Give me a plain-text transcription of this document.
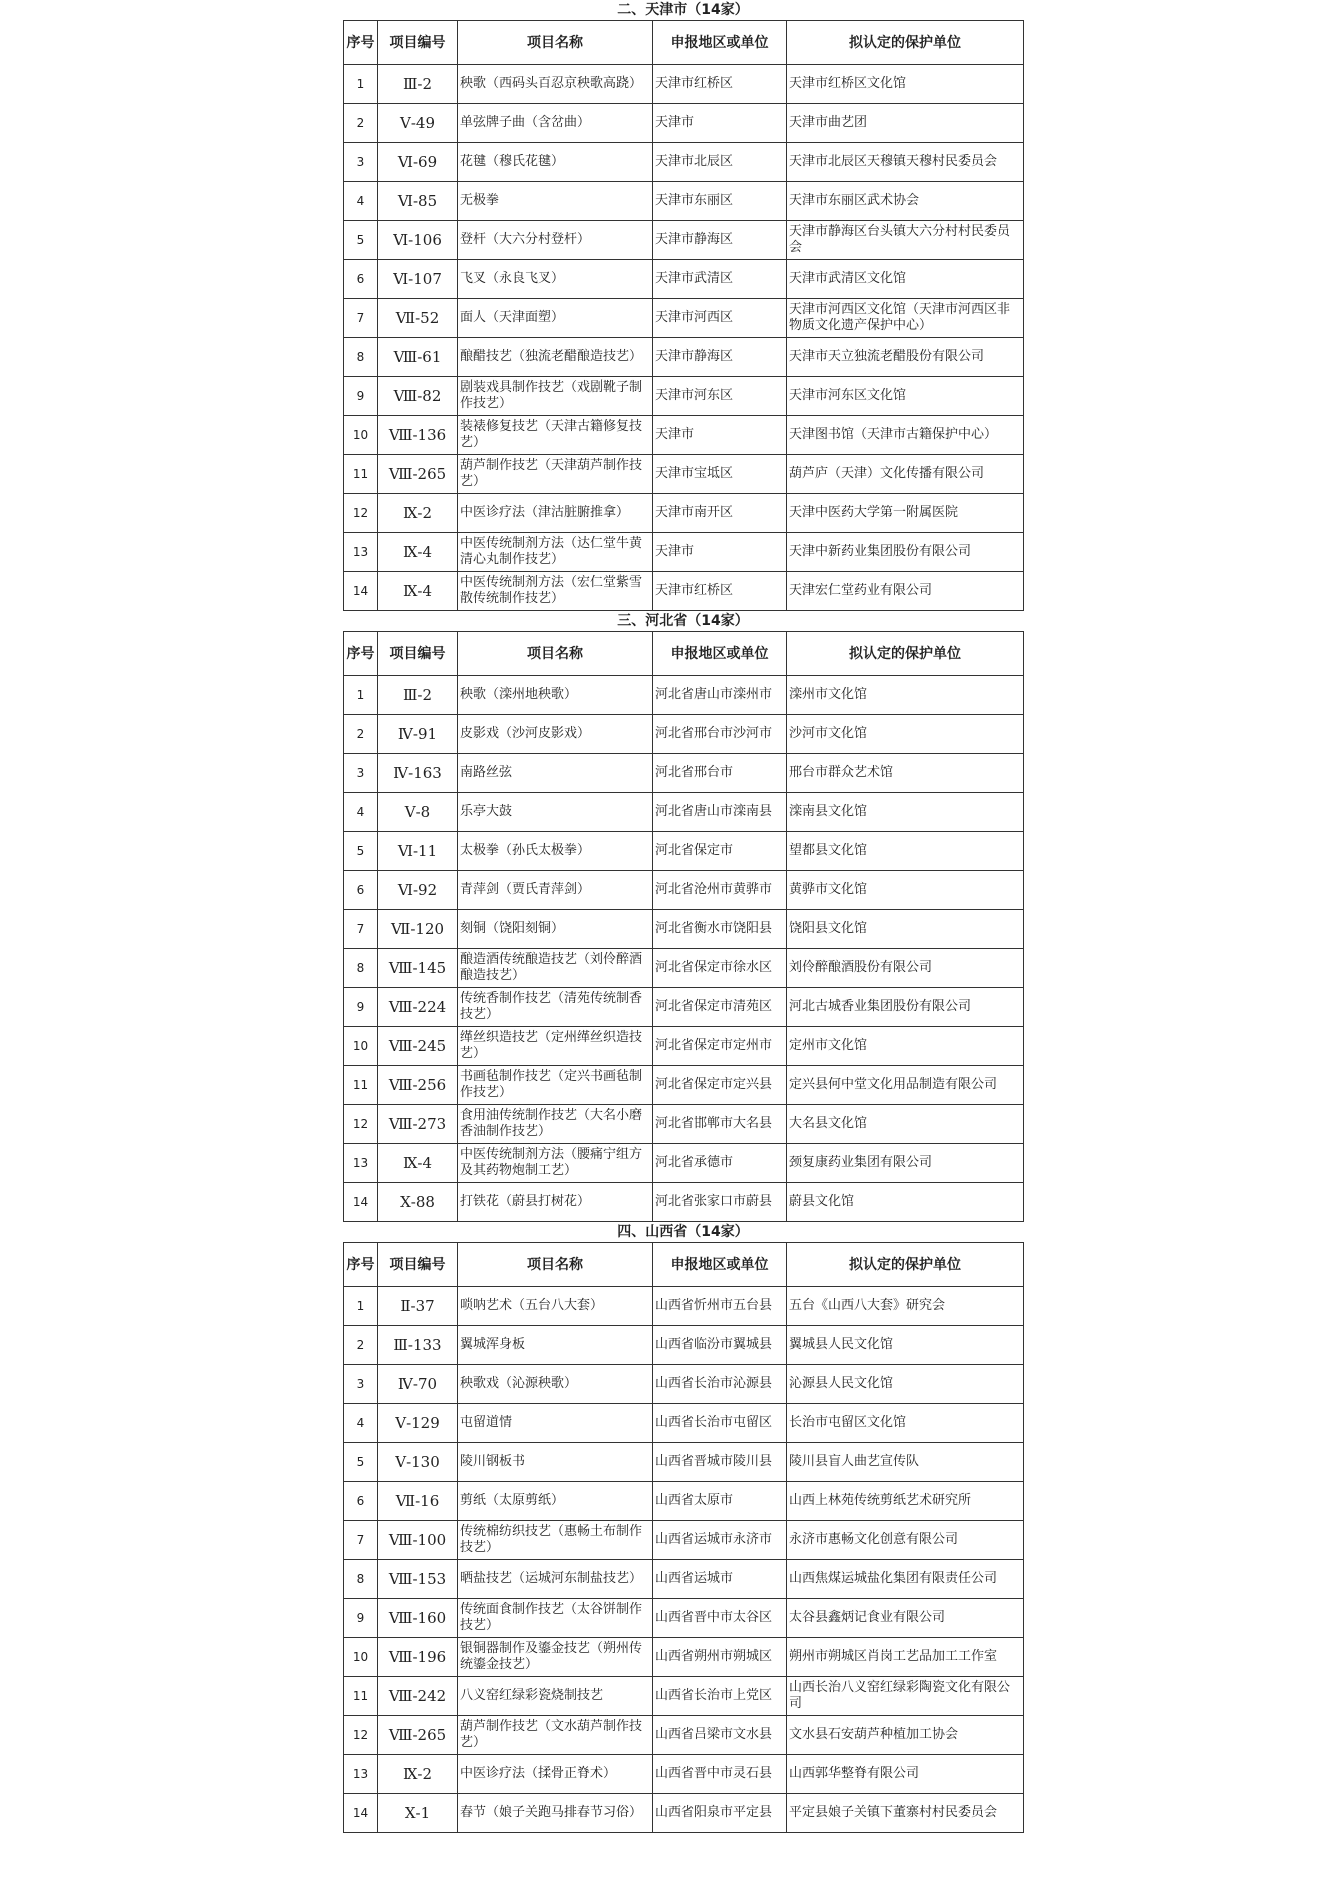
二、天津市（14家）
序号	项目编号	项目名称	申报地区或单位	拟认定的保护单位
1	Ⅲ-2	秧歌（西码头百忍京秧歌高跷）	天津市红桥区	天津市红桥区文化馆
2	Ⅴ-49	单弦牌子曲（含岔曲）	天津市	天津市曲艺团
3	Ⅵ-69	花毽（穆氏花毽）	天津市北辰区	天津市北辰区天穆镇天穆村民委员会
4	Ⅵ-85	无极拳	天津市东丽区	天津市东丽区武术协会
5	Ⅵ-106	登杆（大六分村登杆）	天津市静海区	天津市静海区台头镇大六分村村民委员会
6	Ⅵ-107	飞叉（永良飞叉）	天津市武清区	天津市武清区文化馆
7	Ⅶ-52	面人（天津面塑）	天津市河西区	天津市河西区文化馆（天津市河西区非物质文化遗产保护中心）
8	Ⅷ-61	酿醋技艺（独流老醋酿造技艺）	天津市静海区	天津市天立独流老醋股份有限公司
9	Ⅷ-82	剧装戏具制作技艺（戏剧靴子制作技艺）	天津市河东区	天津市河东区文化馆
10	Ⅷ-136	装裱修复技艺（天津古籍修复技艺）	天津市	天津图书馆（天津市古籍保护中心）
11	Ⅷ-265	葫芦制作技艺（天津葫芦制作技艺）	天津市宝坻区	葫芦庐（天津）文化传播有限公司
12	Ⅸ-2	中医诊疗法（津沽脏腑推拿）	天津市南开区	天津中医药大学第一附属医院
13	Ⅸ-4	中医传统制剂方法（达仁堂牛黄清心丸制作技艺）	天津市	天津中新药业集团股份有限公司
14	Ⅸ-4	中医传统制剂方法（宏仁堂紫雪散传统制作技艺）	天津市红桥区	天津宏仁堂药业有限公司
三、河北省（14家）
序号	项目编号	项目名称	申报地区或单位	拟认定的保护单位
1	Ⅲ-2	秧歌（滦州地秧歌）	河北省唐山市滦州市	滦州市文化馆
2	Ⅳ-91	皮影戏（沙河皮影戏）	河北省邢台市沙河市	沙河市文化馆
3	Ⅳ-163	南路丝弦	河北省邢台市	邢台市群众艺术馆
4	Ⅴ-8	乐亭大鼓	河北省唐山市滦南县	滦南县文化馆
5	Ⅵ-11	太极拳（孙氏太极拳）	河北省保定市	望都县文化馆
6	Ⅵ-92	青萍剑（贾氏青萍剑）	河北省沧州市黄骅市	黄骅市文化馆
7	Ⅶ-120	刻铜（饶阳刻铜）	河北省衡水市饶阳县	饶阳县文化馆
8	Ⅷ-145	酿造酒传统酿造技艺（刘伶醉酒酿造技艺）	河北省保定市徐水区	刘伶醉酿酒股份有限公司
9	Ⅷ-224	传统香制作技艺（清苑传统制香技艺）	河北省保定市清苑区	河北古城香业集团股份有限公司
10	Ⅷ-245	缂丝织造技艺（定州缂丝织造技艺）	河北省保定市定州市	定州市文化馆
11	Ⅷ-256	书画毡制作技艺（定兴书画毡制作技艺）	河北省保定市定兴县	定兴县何中堂文化用品制造有限公司
12	Ⅷ-273	食用油传统制作技艺（大名小磨香油制作技艺）	河北省邯郸市大名县	大名县文化馆
13	Ⅸ-4	中医传统制剂方法（腰痛宁组方及其药物炮制工艺）	河北省承德市	颈复康药业集团有限公司
14	Ⅹ-88	打铁花（蔚县打树花）	河北省张家口市蔚县	蔚县文化馆
四、山西省（14家）
序号	项目编号	项目名称	申报地区或单位	拟认定的保护单位
1	Ⅱ-37	唢呐艺术（五台八大套）	山西省忻州市五台县	五台《山西八大套》研究会
2	Ⅲ-133	翼城浑身板	山西省临汾市翼城县	翼城县人民文化馆
3	Ⅳ-70	秧歌戏（沁源秧歌）	山西省长治市沁源县	沁源县人民文化馆
4	Ⅴ-129	屯留道情	山西省长治市屯留区	长治市屯留区文化馆
5	Ⅴ-130	陵川钢板书	山西省晋城市陵川县	陵川县盲人曲艺宣传队
6	Ⅶ-16	剪纸（太原剪纸）	山西省太原市	山西上林苑传统剪纸艺术研究所
7	Ⅷ-100	传统棉纺织技艺（惠畅土布制作技艺）	山西省运城市永济市	永济市惠畅文化创意有限公司
8	Ⅷ-153	晒盐技艺（运城河东制盐技艺）	山西省运城市	山西焦煤运城盐化集团有限责任公司
9	Ⅷ-160	传统面食制作技艺（太谷饼制作技艺）	山西省晋中市太谷区	太谷县鑫炳记食业有限公司
10	Ⅷ-196	银铜器制作及鎏金技艺（朔州传统鎏金技艺）	山西省朔州市朔城区	朔州市朔城区肖岗工艺品加工工作室
11	Ⅷ-242	八义窑红绿彩瓷烧制技艺	山西省长治市上党区	山西长治八义窑红绿彩陶瓷文化有限公司
12	Ⅷ-265	葫芦制作技艺（文水葫芦制作技艺）	山西省吕梁市文水县	文水县石安葫芦种植加工协会
13	Ⅸ-2	中医诊疗法（揉骨正脊术）	山西省晋中市灵石县	山西郭华整脊有限公司
14	Ⅹ-1	春节（娘子关跑马排春节习俗）	山西省阳泉市平定县	平定县娘子关镇下董寨村村民委员会
